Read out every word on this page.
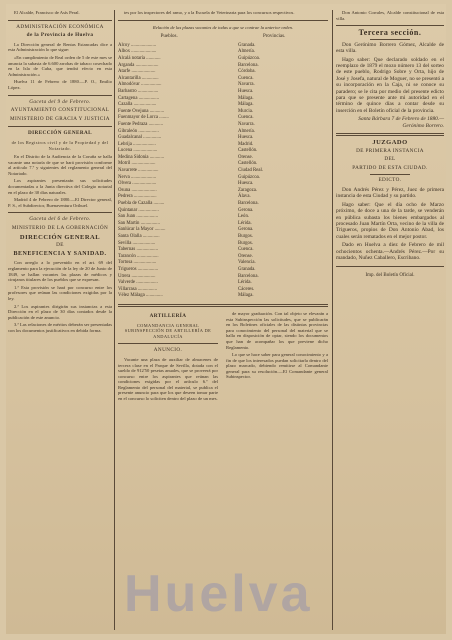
El Alcalde, Francisco de Asís Peral.

ADMINISTRACIÓN ECONÓMICA
de la Provincia de Huelva

La Dirección general de Rentas Estancadas dice a esta Administración lo que sigue:

«En cumplimiento de Real orden de 5 de este mes se anuncia la subasta de 6.600 arrobas de tabaco cosechado en la Isla de Cuba, que tendrá efecto en esta Administración.»

Huelva 11 de Febrero de 1880.—P. O., Emilio López.

Gaceta del 9 de Febrero.
AYUNTAMIENTO CONSTITUCIONAL
MINISTERIO DE GRACIA Y JUSTICIA
DIRECCIÓN GENERAL
de los Registros civil y de la Propiedad y del Notariado.

En el Distrito de la Audiencia de la Coruña se halla vacante una notaría de que se hará provisión conforme al artículo 7.º y siguientes del reglamento general del Notariado.

Los aspirantes presentarán sus solicitudes documentadas a la Junta directiva del Colegio notarial en el plazo de 30 días naturales.

Madrid 4 de Febrero de 1880.—El Director general, P. S., el Subdirector, Buenaventura Orihuel.

Gaceta del 6 de Febrero.
MINISTERIO DE LA GOBERNACIÓN
DIRECCIÓN GENERAL
DE
BENEFICENCIA Y SANIDAD.

Con arreglo a lo prevenido en el art. 69 del reglamento para la ejecución de la ley de 20 de Junio de 1849, se hallan vacantes las plazas de médicos y cirujanos titulares de los pueblos que se expresan.

1.ª Esta provisión se hará por concurso entre los profesores que reúnan las condiciones exigidas por la ley.

2.ª Los aspirantes dirigirán sus instancias a esta Dirección en el plazo de 30 días contados desde la publicación de este anuncio.

3.ª Las relaciones de méritos deberán ser presentadas con los documentos justificativos en debida forma.

tes por los inspectores del ramo, y a la Escuela de Veterinaria para los concursos respectivos.

Relación de las plazas vacantes de todas a que se contrae la anterior orden.
Pueblos.	Provincias.
Alcoy .....................	Granada.
Albox .....................	Almería.
Alcalá notaría ............	Guipúzcoa.
Arganda ...................	Barcelona.
Atarfe ....................	Córdoba.
Alcantarilla ..............	Cuenca.
Almodóvar .................	Navarra.
Barbastro .................	Huesca.
Cartagena .................	Málaga.
Cazalla ...................	Málaga.
Fuente Ovejuna ............	Murcia.
Fuenmayor de Lorca ........	Cuenca.
Fuente Pedraza ............	Navarra.
Gibraleón .................	Almería.
Guadalcanal ...............	Huesca.
Lebrija ...................	Madrid.
Lucena ....................	Castellón.
Medina Sidonia ............	Orense.
Motril ....................	Castellón.
Navarrete .................	Ciudad Real.
Nerva .....................	Guipúzcoa.
Olvera ....................	Huesca.
Osuna .....................	Zaragoza.
Pedrera ...................	Álava.
Puebla de Cazalla .........	Barcelona.
Quintanar .................	Gerona.
San Juan ..................	León.
San Martín ................	Lérida.
Sanlúcar la Mayor .........	Gerona.
Santa Olalla ..............	Burgos.
Sevilla ...................	Burgos.
Tabernas ..................	Cuenca.
Tarancón ..................	Orense.
Tortosa ...................	Valencia.
Trigueros .................	Granada.
Utrera ....................	Barcelona.
Valverde ..................	Lérida.
Villarrasa ................	Cáceres.
Vélez Málaga ..............	Málaga.
ARTILLERÍA
COMANDANCIA GENERAL SUBINSPECCIÓN DE ARTILLERÍA DE ANDALUCÍA
ANUNCIO.

Vacante una plaza de auxiliar de almacenes de tercera clase en el Parque de Sevilla, dotada con el sueldo de 912'50 pesetas anuales, que se proveerá por concurso entre los aspirantes que reúnan las condiciones exigidas por el artículo 6.º del Reglamento del personal del material, se publica el presente anuncio para que los que deseen tomar parte en el concurso lo soliciten dentro del plazo de un mes.

de mayor graduación. Con tal objeto se elevarán a esta Subinspección las solicitudes, que se publicarán en los Boletines oficiales de las distintas provincias para conocimiento del personal del material que se halla en disposición de optar, siendo los documentos que han de acompañar los que previene dicho Reglamento.

Lo que se hace saber para general conocimiento y a fin de que los interesados puedan solicitarla dentro del plazo marcado, debiendo remitirse al Comandante general para su resolución.—El Comandante general Subinspector.

Don Antonio Corrales, Alcalde constitucional de esta villa.

Tercera sección.

Don Gerónimo Borrero Gómez, Alcalde de esta villa.

Hago saber: Que declarado soldado en el reemplazo de 1879 el mozo número 13 del sorteo de este pueblo, Rodrigo Sobre y Orta, hijo de José y Josefa, natural de Moguer, no se presentó a su incorporación en la Caja, ni se conoce su paradero; se le cita por medio del presente edicto para que se presente ante mi autoridad en el término de quince días a contar desde su inserción en el Boletín oficial de la provincia.

Santa Bárbara 7 de Febrero de 1880.—Gerónimo Borrero.

JUZGADO
DE PRIMERA INSTANCIA
DEL
PARTIDO DE ESTA CIUDAD.
EDICTO.

Don Andrés Pérez y Pérez, Juez de primera instancia de esta Ciudad y su partido.

Hago saber: Que el día ocho de Marzo próximo, de doce a una de la tarde, se venderán en pública subasta los bienes embargados al procesado Juan Martín Orta, vecino de la villa de Trigueros, propios de Don Antonio Abad, los cuales serán rematados en el mejor postor.

Dado en Huelva a diez de Febrero de mil ochocientos ochenta.—Andrés Pérez.—Por su mandado, Nuñez Caballero, Escribano.

Imp. del Boletín Oficial.
Huelva
